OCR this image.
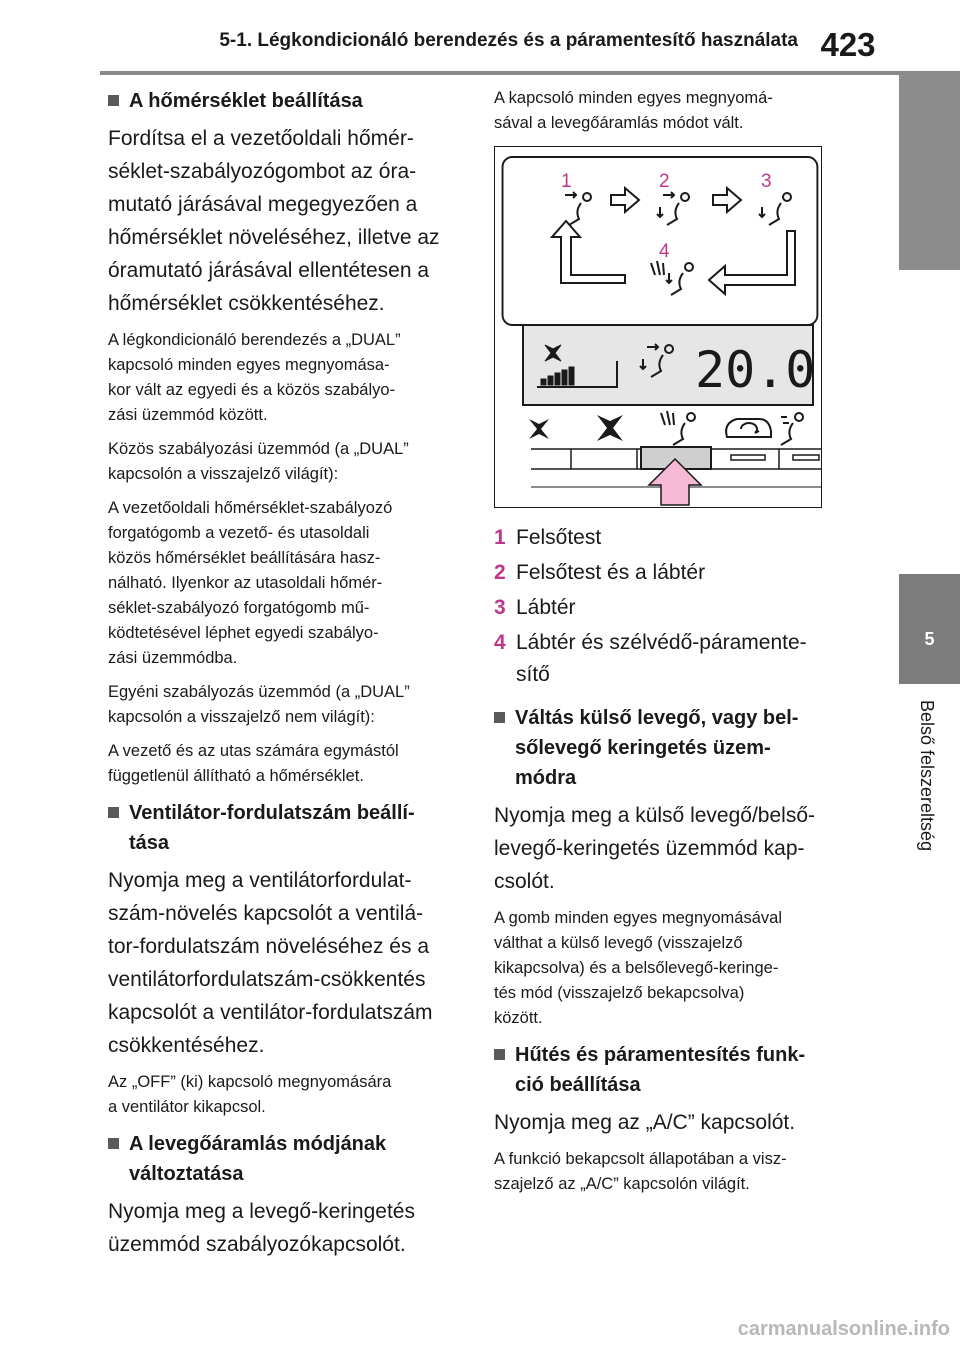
5-1. Légkondicionáló berendezés és a páramentesítő használata 423
5
Belső felszereltség
A hőmérséklet beállítása

Fordítsa el a vezetőoldali hőmér-
séklet-szabályozógombot az óra-
mutató járásával megegyezően a
hőmérséklet növeléséhez, illetve az
óramutató járásával ellentétesen a
hőmérséklet csökkentéséhez.

A légkondicionáló berendezés a „DUAL”
kapcsoló minden egyes megnyomása-
kor vált az egyedi és a közös szabályo-
zási üzemmód között.

Közös szabályozási üzemmód (a „DUAL”
kapcsolón a visszajelző világít):

A vezetőoldali hőmérséklet-szabályozó
forgatógomb a vezető- és utasoldali
közös hőmérséklet beállítására hasz-
nálható. Ilyenkor az utasoldali hőmér-
séklet-szabályozó forgatógomb mű-
ködtetésével léphet egyedi szabályo-
zási üzemmódba.

Egyéni szabályozás üzemmód (a „DUAL”
kapcsolón a visszajelző nem világít):

A vezető és az utas számára egymástól
függetlenül állítható a hőmérséklet.

Ventilátor-fordulatszám beállí-
tása

Nyomja meg a ventilátorfordulat-
szám-növelés kapcsolót a ventilá-
tor-fordulatszám növeléséhez és a
ventilátorfordulatszám-csökkentés
kapcsolót a ventilátor-fordulatszám
csökkentéséhez.

Az „OFF” (ki) kapcsoló megnyomására
a ventilátor kikapcsol.

A levegőáramlás módjának
változtatása

Nyomja meg a levegő-keringetés
üzemmód szabályozókapcsolót.

A kapcsoló minden egyes megnyomá-
sával a levegőáramlás módot vált.

1	2	3
4
20.0
1 Felsőtest
2 Felsőtest és a lábtér
3 Lábtér
4 Lábtér és szélvédő-páramente-
sítő
Váltás külső levegő, vagy bel-
sőlevegő keringetés üzem-
módra

Nyomja meg a külső levegő/belső-
levegő-keringetés üzemmód kap-
csolót.

A gomb minden egyes megnyomásával
válthat a külső levegő (visszajelző
kikapcsolva) és a belsőlevegő-keringe-
tés mód (visszajelző bekapcsolva)
között.

Hűtés és páramentesítés funk-
ció beállítása

Nyomja meg az „A/C” kapcsolót.

A funkció bekapcsolt állapotában a visz-
szajelző az „A/C” kapcsolón világít.

carmanualsonline.info
